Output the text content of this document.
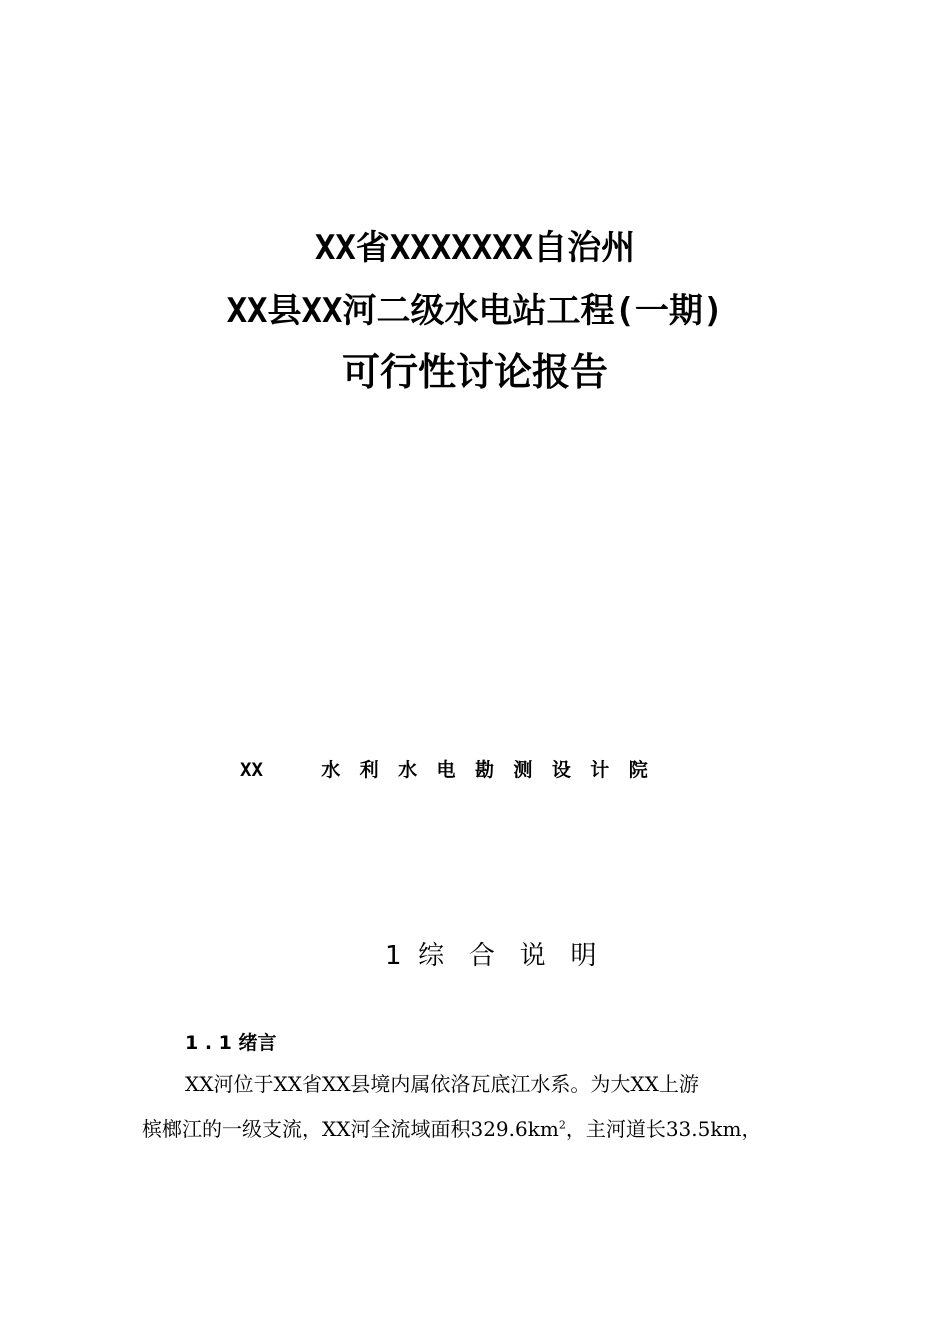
XX省XXXXXXX自治州
XX县XX河二级水电站工程(一期)
可行性讨论报告
XX   水 利 水 电 勘 测 设 计 院
1  综   合   说   明
1 . 1 绪言
XX河位于XX省XX县境内属依洛瓦底江水系。为大XX上游
槟榔江的一级支流，XX河全流域面积$329.6km^2$，主河道长33.5km，
